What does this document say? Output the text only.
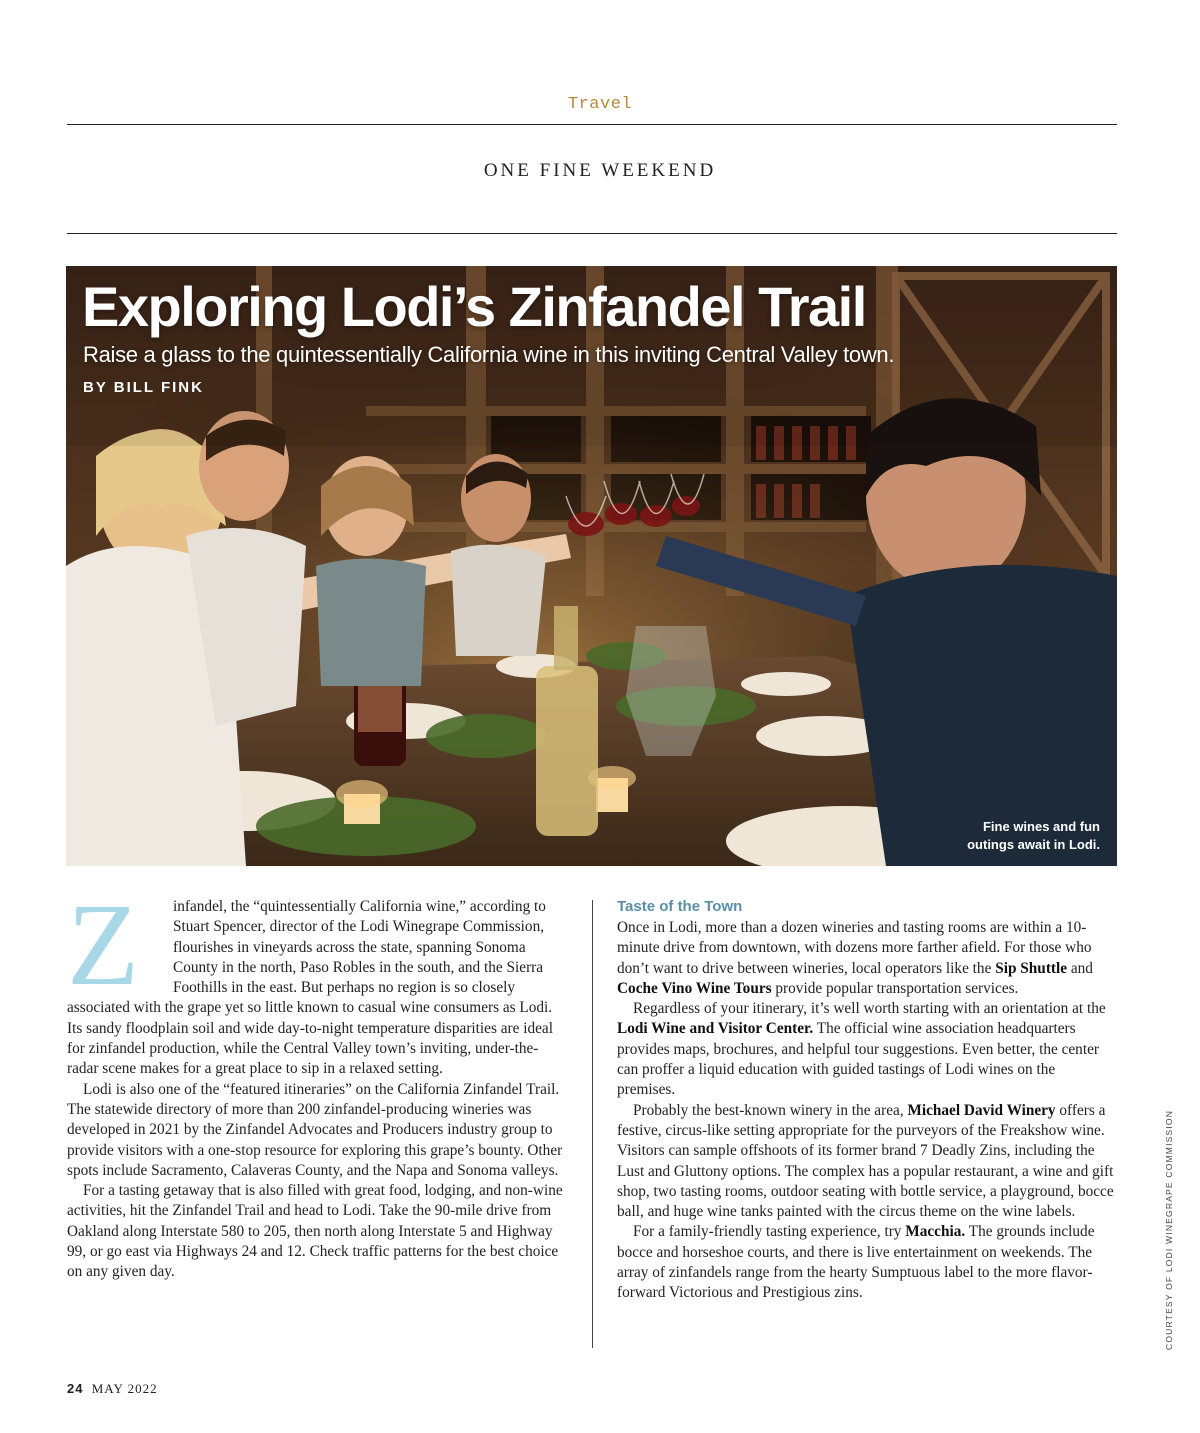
Travel
ONE FINE WEEKEND
Exploring Lodi’s Zinfandel Trail
Raise a glass to the quintessentially California wine in this inviting Central Valley town.
BY BILL FINK
Fine wines and fun
outings await in Lodi.
Z	infandel, the “quintessentially California wine,” according to Stuart Spencer, director of the Lodi Winegrape Commission, flourishes in vineyards across the state, spanning Sonoma County in the north, Paso Robles in the south, and the Sierra Foothills in the east. But perhaps no region is so closely associated with the grape yet so little known to casual wine consumers as Lodi. Its sandy floodplain soil and wide day-to-night temperature disparities are ideal for zinfandel production, while the Central Valley town’s inviting, under-the-radar scene makes for a great place to sip in a relaxed setting.

Lodi is also one of the “featured itineraries” on the California Zinfandel Trail. The statewide directory of more than 200 zinfandel-producing wineries was developed in 2021 by the Zinfandel Advocates and Producers industry group to provide visitors with a one-stop resource for exploring this grape’s bounty. Other spots include Sacramento, Calaveras County, and the Napa and Sonoma valleys.

For a tasting getaway that is also filled with great food, lodging, and non-wine activities, hit the Zinfandel Trail and head to Lodi. Take the 90-mile drive from Oakland along Interstate 580 to 205, then north along Interstate 5 and Highway 99, or go east via Highways 24 and 12. Check traffic patterns for the best choice on any given day.

Taste of the Town

Once in Lodi, more than a dozen wineries and tasting rooms are within a 10-minute drive from downtown, with dozens more farther afield. For those who don’t want to drive between wineries, local operators like the Sip Shuttle and Coche Vino Wine Tours provide popular transportation services.

Regardless of your itinerary, it’s well worth starting with an orientation at the Lodi Wine and Visitor Center. The official wine association headquarters provides maps, brochures, and helpful tour suggestions. Even better, the center can proffer a liquid education with guided tastings of Lodi wines on the premises.

Probably the best-known winery in the area, Michael David Winery offers a festive, circus-like setting appropriate for the purveyors of the Freakshow wine. Visitors can sample offshoots of its former brand 7 Deadly Zins, including the Lust and Gluttony options. The complex has a popular restaurant, a wine and gift shop, two tasting rooms, outdoor seating with bottle service, a playground, bocce ball, and huge wine tanks painted with the circus theme on the wine labels.

For a family-friendly tasting experience, try Macchia. The grounds include bocce and horseshoe courts, and there is live entertainment on weekends. The array of zinfandels range from the hearty Sumptuous label to the more flavor-forward Victorious and Prestigious zins.	COURTESY OF LODI WINEGRAPE COMMISSION
24 MAY 2022
